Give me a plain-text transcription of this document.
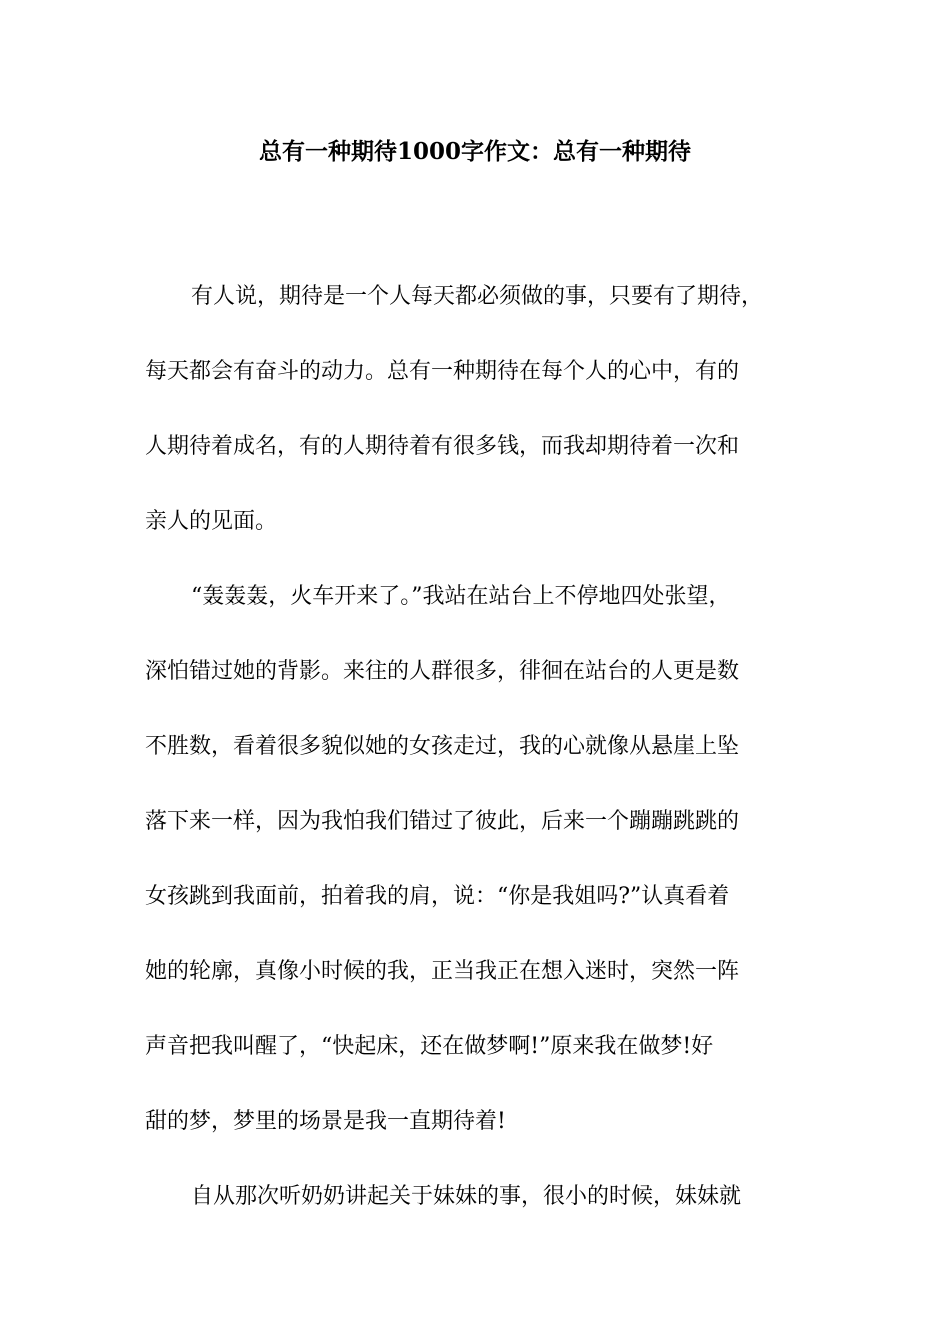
总有一种期待1000字作文：总有一种期待
有人说，期待是一个人每天都必须做的事，只要有了期待，
每天都会有奋斗的动力。总有一种期待在每个人的心中，有的
人期待着成名，有的人期待着有很多钱，而我却期待着一次和
亲人的见面。
“轰轰轰，火车开来了。”我站在站台上不停地四处张望，
深怕错过她的背影。来往的人群很多，徘徊在站台的人更是数
不胜数，看着很多貌似她的女孩走过，我的心就像从悬崖上坠
落下来一样，因为我怕我们错过了彼此，后来一个蹦蹦跳跳的
女孩跳到我面前，拍着我的肩，说：“你是我姐吗?”认真看着
她的轮廓，真像小时候的我，正当我正在想入迷时，突然一阵
声音把我叫醒了，“快起床，还在做梦啊!”原来我在做梦!好
甜的梦，梦里的场景是我一直期待着!
自从那次听奶奶讲起关于妹妹的事，很小的时候，妹妹就
